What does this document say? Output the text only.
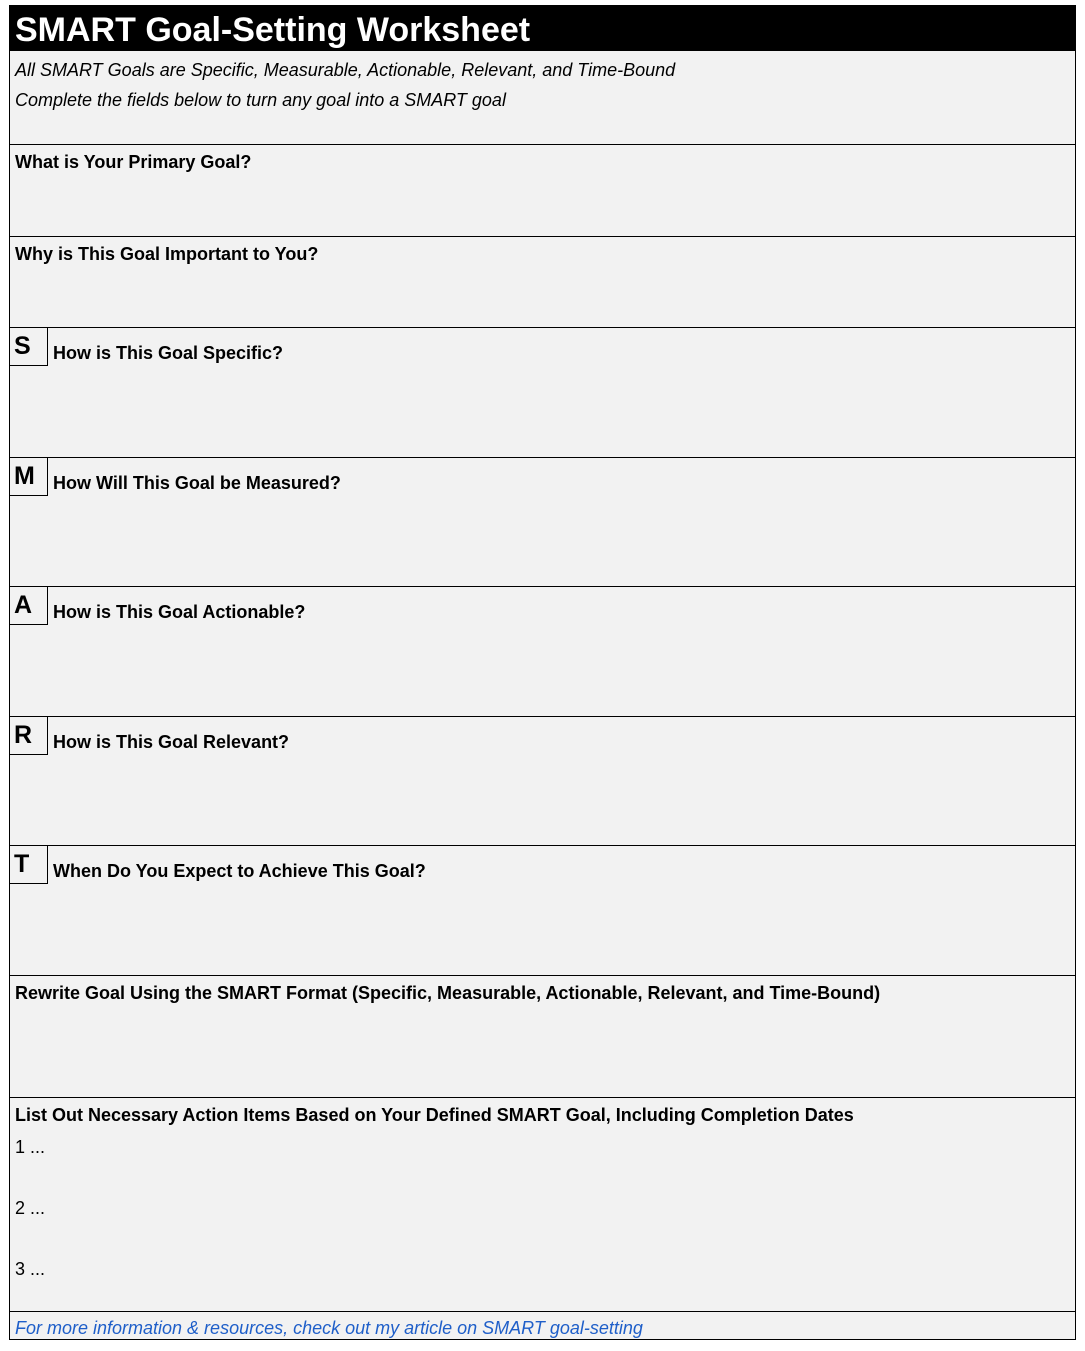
SMART Goal-Setting Worksheet
All SMART Goals are Specific, Measurable, Actionable, Relevant, and Time-Bound
Complete the fields below to turn any goal into a SMART goal
What is Your Primary Goal?
Why is This Goal Important to You?
S	How is This Goal Specific?
M	How Will This Goal be Measured?
A	How is This Goal Actionable?
R	How is This Goal Relevant?
T	When Do You Expect to Achieve This Goal?
Rewrite Goal Using the SMART Format (Specific, Measurable, Actionable, Relevant, and Time-Bound)
List Out Necessary Action Items Based on Your Defined SMART Goal, Including Completion Dates
1 ...
2 ...
3 ...
For more information & resources, check out my article on SMART goal-setting
